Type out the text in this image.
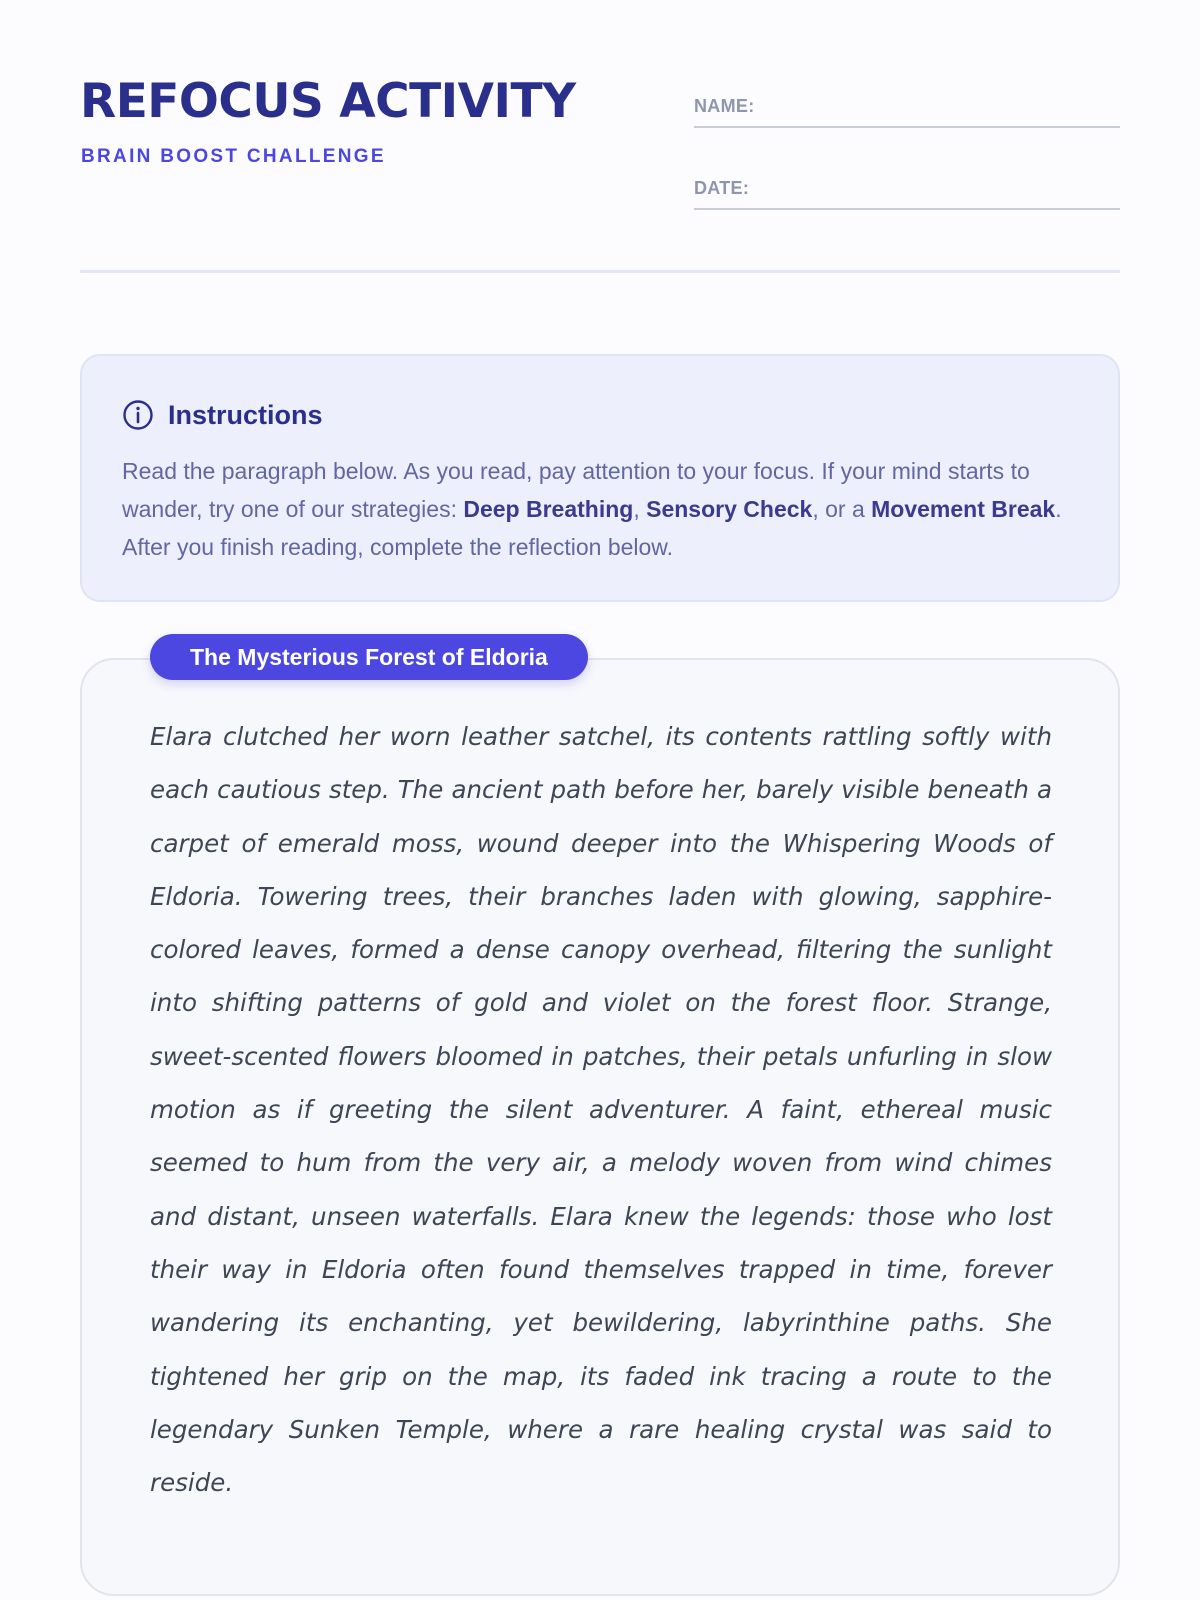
REFOCUS ACTIVITY
BRAIN BOOST CHALLENGE
NAME:
DATE:
Instructions

Read the paragraph below. As you read, pay attention to your focus. If your mind starts to wander, try one of our strategies: Deep Breathing, Sensory Check, or a Movement Break. After you finish reading, complete the reflection below.

Elara clutched her worn leather satchel, its contents rattling softly with each cautious step. The ancient path before her, barely visible beneath a carpet of emerald moss, wound deeper into the Whispering Woods of Eldoria. Towering trees, their branches laden with glowing, sapphire-colored leaves, formed a dense canopy overhead, filtering the sunlight into shifting patterns of gold and violet on the forest floor. Strange, sweet-scented flowers bloomed in patches, their petals unfurling in slow motion as if greeting the silent adventurer. A faint, ethereal music seemed to hum from the very air, a melody woven from wind chimes and distant, unseen waterfalls. Elara knew the legends: those who lost their way in Eldoria often found themselves trapped in time, forever wandering its enchanting, yet bewildering, labyrinthine paths. She tightened her grip on the map, its faded ink tracing a route to the legendary Sunken Temple, where a rare healing crystal was said to reside.

The Mysterious Forest of Eldoria
